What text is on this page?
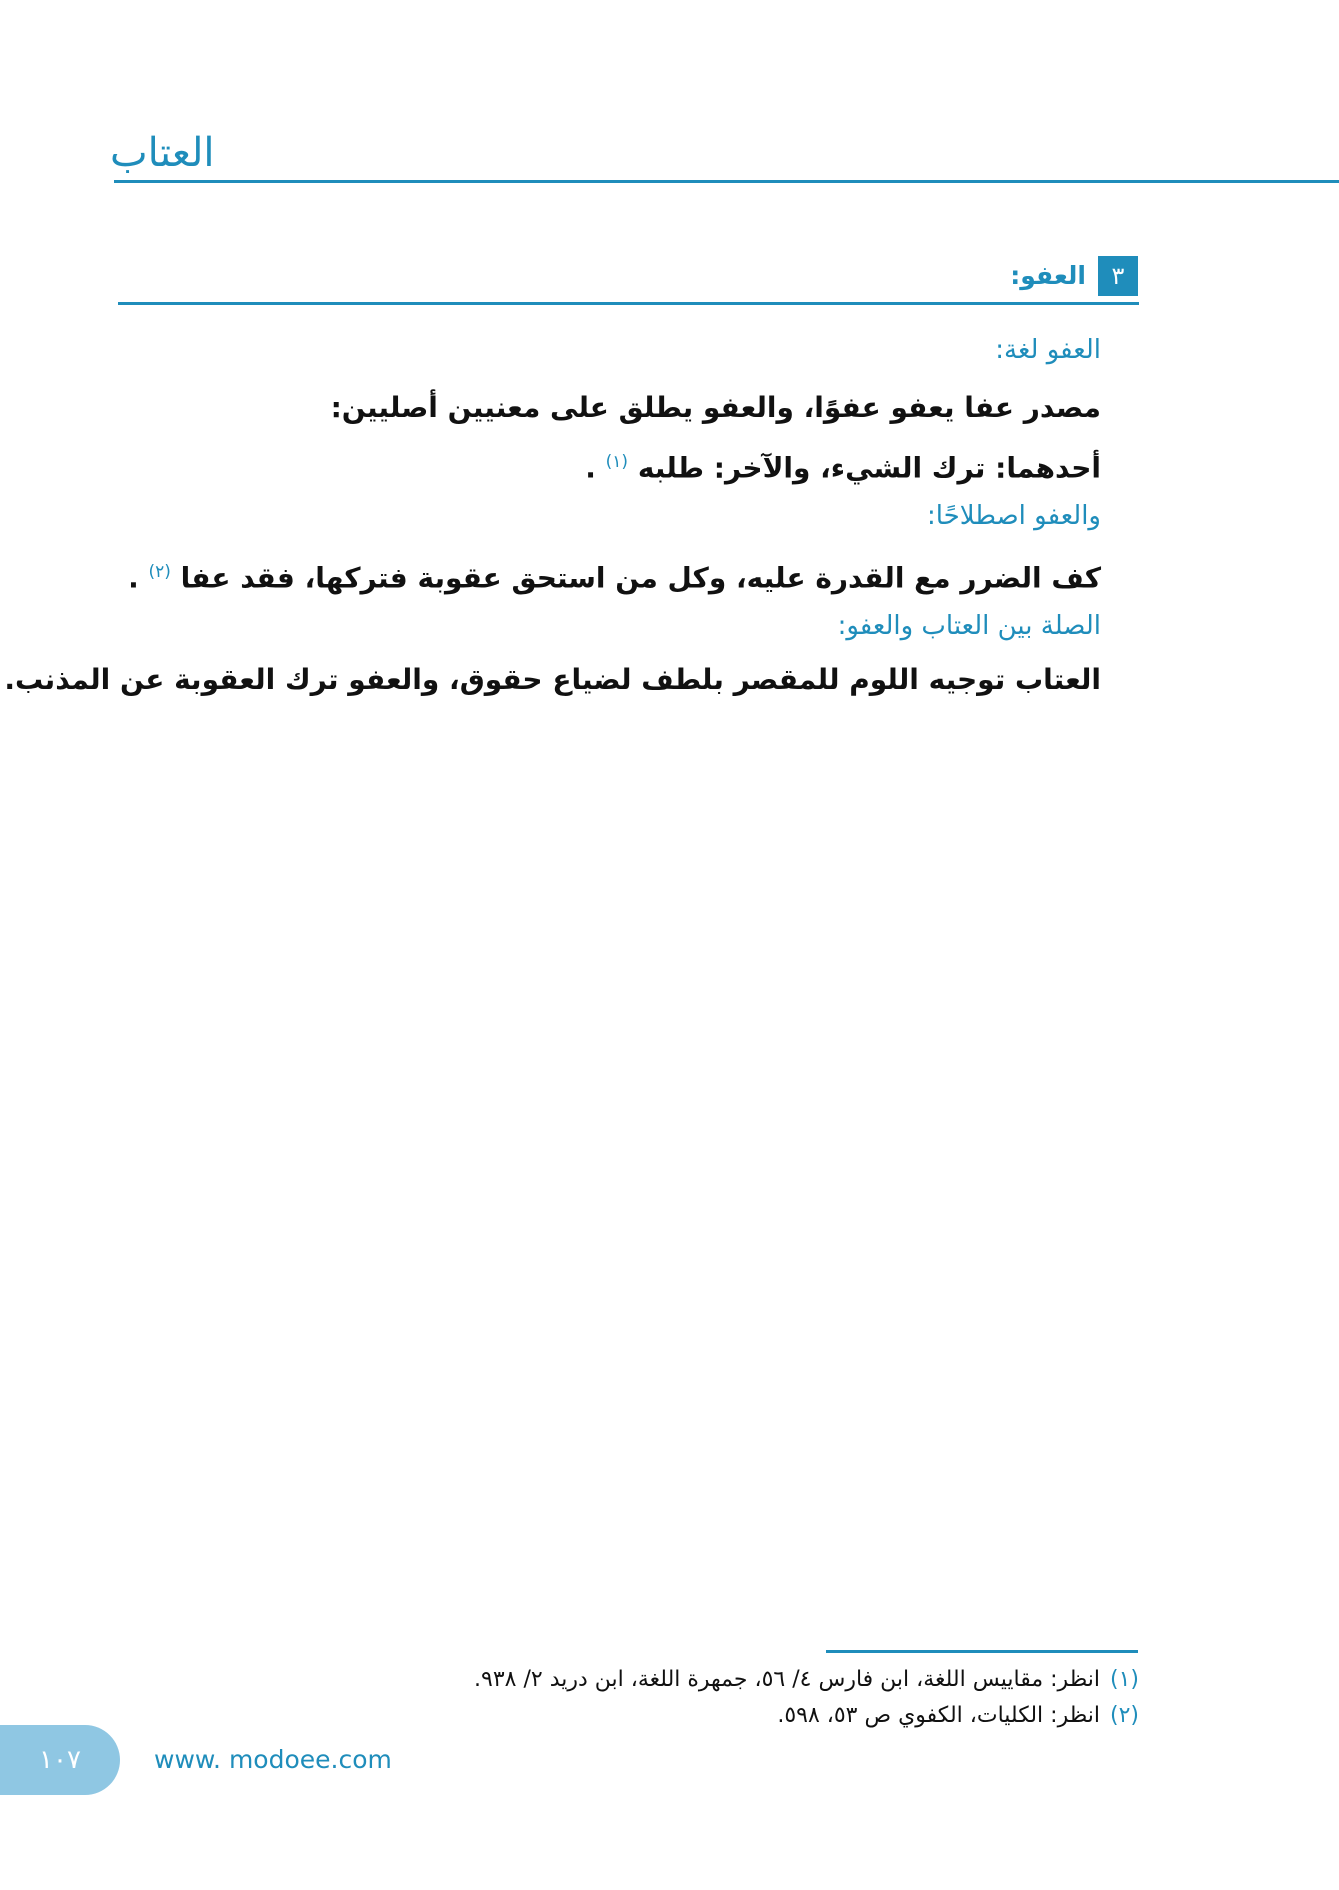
العتاب
٣
العفو:
العفو لغة:
مصدر عفا يعفو عفوًا، والعفو يطلق على معنيين أصليين:
أحدهما: ترك الشيء، والآخر: طلبه $^{(١)}$ .
والعفو اصطلاحًا:
كف الضرر مع القدرة عليه، وكل من استحق عقوبة فتركها، فقد عفا $^{(٢)}$ .
الصلة بين العتاب والعفو:
العتاب توجيه اللوم للمقصر بلطف لضياع حقوق، والعفو ترك العقوبة عن المذنب.
(١)انظر: مقاييس اللغة، ابن فارس ٤/ ٥٦، جمهرة اللغة، ابن دريد ٢/ ٩٣٨.
(٢)انظر: الكليات، الكفوي ص ٥٣، ٥٩٨.
١٠٧	www. modoee.com
